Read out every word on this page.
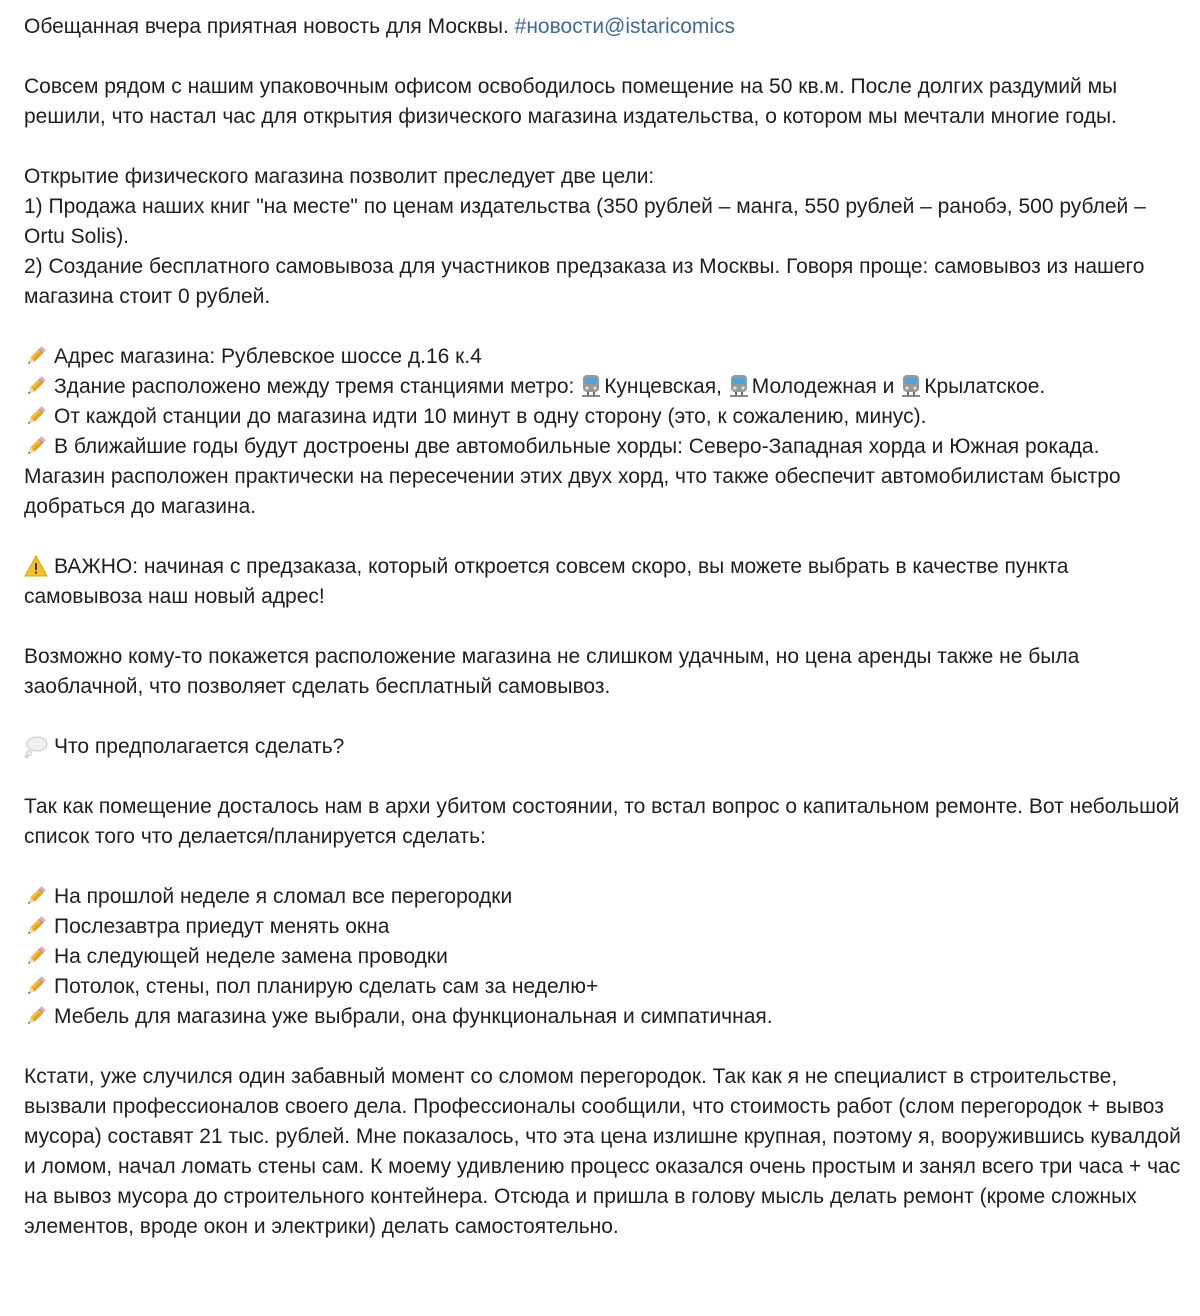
Обещанная вчера приятная новость для Москвы. #новости@istaricomics

Совсем рядом с нашим упаковочным офисом освободилось помещение на 50 кв.м. После долгих раздумий мы решили, что настал час для открытия физического магазина издательства, о котором мы мечтали многие годы.

Открытие физического магазина позволит преследует две цели:

1) Продажа наших книг "на месте" по ценам издательства (350 рублей – манга, 550 рублей – ранобэ, 500 рублей – Ortu Solis).

2) Создание бесплатного самовывоза для участников предзаказа из Москвы. Говоря проще: самовывоз из нашего магазина стоит 0 рублей.

Адрес магазина: Рублевское шоссе д.16 к.4

Здание расположено между тремя станциями метро: Кунцевская, Молодежная и Крылатское.

От каждой станции до магазина идти 10 минут в одну сторону (это, к сожалению, минус).

В ближайшие годы будут достроены две автомобильные хорды: Северо-Западная хорда и Южная рокада. Магазин расположен практически на пересечении этих двух хорд, что также обеспечит автомобилистам быстро добраться до магазина.

ВАЖНО: начиная с предзаказа, который откроется совсем скоро, вы можете выбрать в качестве пункта самовывоза наш новый адрес!

Возможно кому-то покажется расположение магазина не слишком удачным, но цена аренды также не была заоблачной, что позволяет сделать бесплатный самовывоз.

Что предполагается сделать?

Так как помещение досталось нам в архи убитом состоянии, то встал вопрос о капитальном ремонте. Вот небольшой список того что делается/планируется сделать:

На прошлой неделе я сломал все перегородки

Послезавтра приедут менять окна

На следующей неделе замена проводки

Потолок, стены, пол планирую сделать сам за неделю+

Мебель для магазина уже выбрали, она функциональная и симпатичная.

Кстати, уже случился один забавный момент со сломом перегородок. Так как я не специалист в строительстве, вызвали профессионалов своего дела. Профессионалы сообщили, что стоимость работ (слом перегородок + вывоз мусора) составят 21 тыс. рублей. Мне показалось, что эта цена излишне крупная, поэтому я, вооружившись кувалдой и ломом, начал ломать стены сам. К моему удивлению процесс оказался очень простым и занял всего три часа + час на вывоз мусора до строительного контейнера. Отсюда и пришла в голову мысль делать ремонт (кроме сложных элементов, вроде окон и электрики) делать самостоятельно.
